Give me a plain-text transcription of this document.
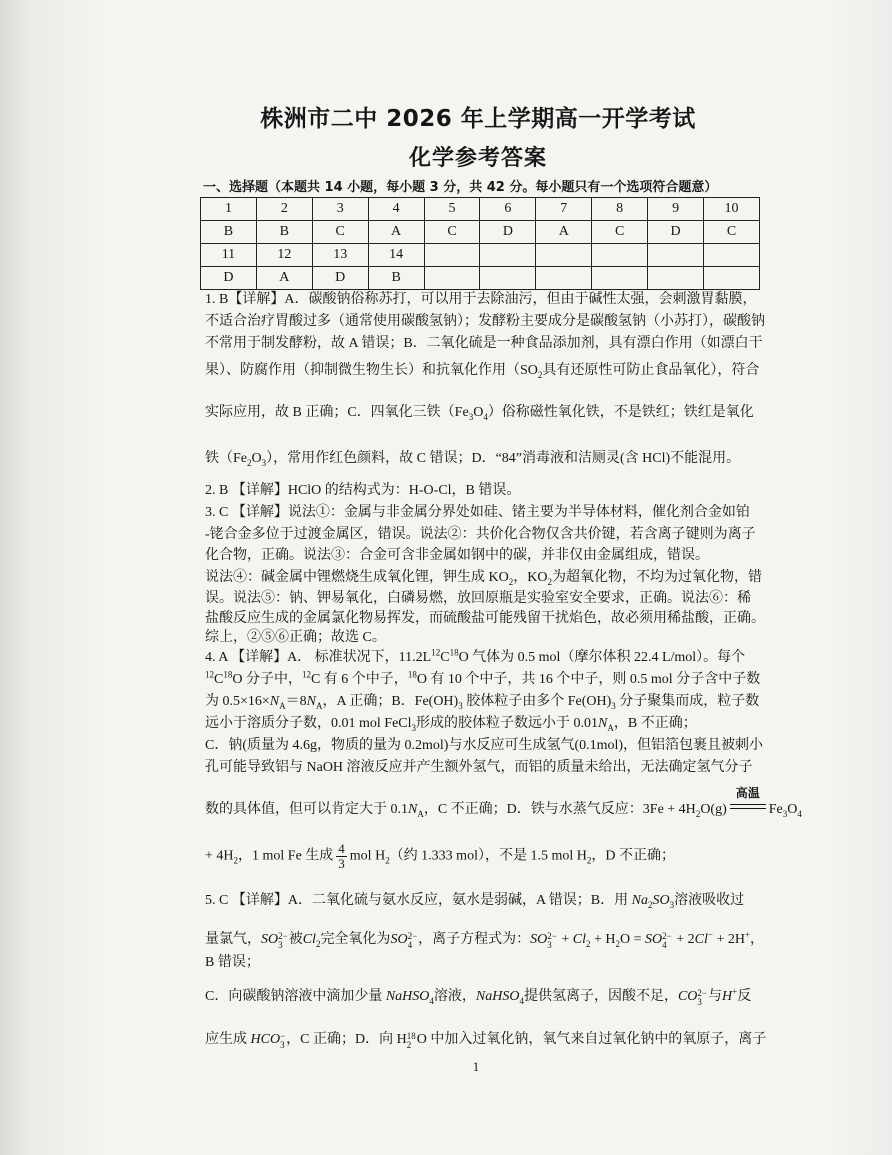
株洲市二中 2026 年上学期高一开学考试
化学参考答案
一、选择题（本题共 14 小题，每小题 3 分，共 42 分。每小题只有一个选项符合题意）
1	2	3	4	5	6	7	8	9	10
B	B	C	A	C	D	A	C	D	C
11	12	13	14						
D	A	D	B						
1. B【详解】A．碳酸钠俗称苏打，可以用于去除油污，但由于碱性太强，会刺激胃黏膜，
不适合治疗胃酸过多（通常使用碳酸氢钠）；发酵粉主要成分是碳酸氢钠（小苏打），碳酸钠
不常用于制发酵粉，故 A 错误；B．二氧化硫是一种食品添加剂，具有漂白作用（如漂白干
果）、防腐作用（抑制微生物生长）和抗氧化作用（$SO_2$具有还原性可防止食品氧化），符合
实际应用，故 B 正确；C．四氧化三铁$(Fe_3O_4)$俗称磁性氧化铁，不是铁红；铁红是氧化
铁$(Fe_2O_3)$，常用作红色颜料，故 C 错误；D．“84”消毒液和洁厕灵(含 HCl)不能混用。
2. B 【详解】HClO 的结构式为：H-O-Cl，B 错误。
3. C 【详解】说法①：金属与非金属分界处如硅、锗主要为半导体材料，催化剂合金如铂
-铑合金多位于过渡金属区，错误。说法②：共价化合物仅含共价键，若含离子键则为离子
化合物，正确。说法③：合金可含非金属如钢中的碳，并非仅由金属组成，错误。
说法④：碱金属中锂燃烧生成氧化锂，钾生成 $KO_2$，$KO_2$为超氧化物，不均为过氧化物，错
误。说法⑤：钠、钾易氧化，白磷易燃，放回原瓶是实验室安全要求，正确。说法⑥：稀
盐酸反应生成的金属氯化物易挥发，而硫酸盐可能残留干扰焰色，故必须用稀盐酸，正确。
综上，②⑤⑥正确；故选 C。
4. A 【详解】A． 标准状况下，$11.2L^{12}C^{18}O$ 气体为 0.5 mol（摩尔体积 22.4 L/mol）。每个
$^{12}C^{18}O$ 分子中，$^{12}$C 有 6 个中子，$^{18}$O 有 10 个中子，共 16 个中子，则 0.5 mol 分子含中子数
为 $0.5\times 16\times N_A=8N_A$，A 正确；B．$Fe(OH)_3$ 胶体粒子由多个 $Fe(OH)_3$ 分子聚集而成，粒子数
远小于溶质分子数，0.01 mol FeCl$_3$形成的胶体粒子数远小于 $0.01N_A$，B 不正确；
C．钠(质量为 4.6g，物质的量为 0.2mol)与水反应可生成氢气(0.1mol)，但铝箔包裹且被刺小
孔可能导致铝与 NaOH 溶液反应并产生额外氢气，而铝的质量未给出，无法确定氢气分子
数的具体值，但可以肯定大于 $0.1N_A$，C 不正确；D．铁与水蒸气反应：$3Fe + 4H_2O(g)$
高温
$Fe_3O_4$
+ $4H_2$，1 mol Fe 生成 $\frac{4}{3}$ mol $H_2$（约 1.333 mol），不是 1.5 mol $H_2$，D 不正确；
5. C 【详解】A．二氧化硫与氨水反应，氨水是弱碱，A 错误；B．用 $Na_2SO_3$溶液吸收过
量氯气，SO 2−
3 被$Cl_2$完全氧化为SO 2−
4 ，离子方程式为：SO 2−
$3 + Cl_2 + H_2O$ = SO 2−
4 + 2Cl− + 2H+，
B 错误；
C．向碳酸钠溶液中滴加少量 NaHSO$_4$溶液，NaHSO$_4$提供氢离子，因酸不足，CO 2−
3 与H+反
应生成 HCO −
3 ，C 正确；D．向 H 18
2 O 中加入过氧化钠，氧气来自过氧化钠中的氧原子，离子
1
